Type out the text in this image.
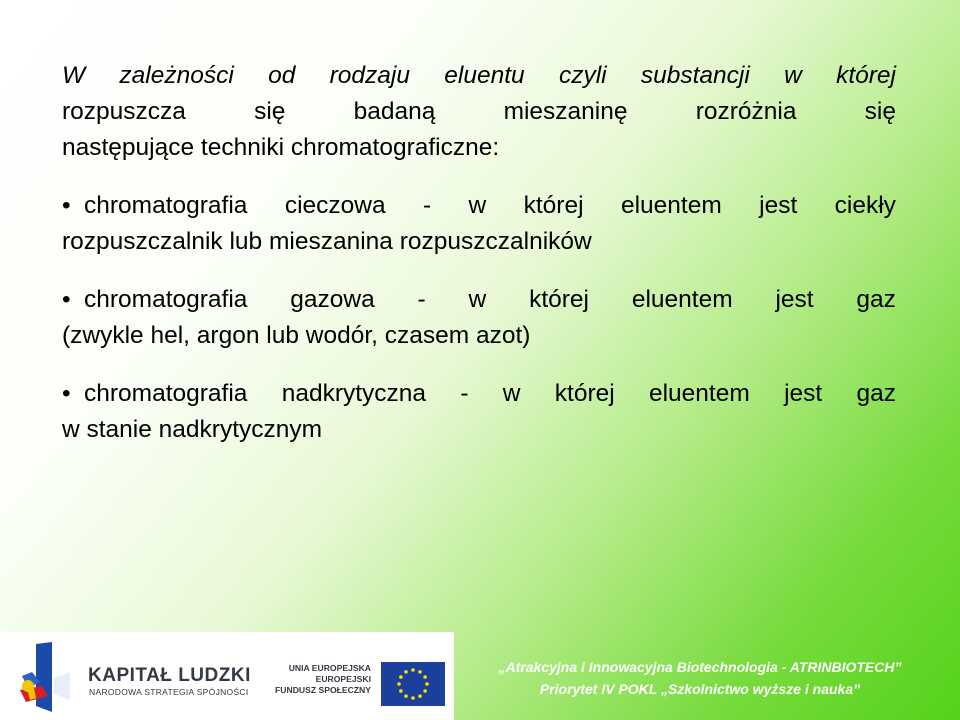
W zależności od rodzaju eluentu czyli substancji w której
rozpuszcza	się	badaną	mieszaninę	rozróżnia	się
następujące techniki chromatograficzne:
• chromatografia cieczowa - w której eluentem jest ciekły
rozpuszczalnik lub mieszanina rozpuszczalników
• chromatografia gazowa - w której eluentem jest gaz
(zwykle hel, argon lub wodór, czasem azot)
• chromatografia nadkrytyczna - w której eluentem jest gaz
w stanie nadkrytycznym
KAPITAŁ LUDZKI
NARODOWA STRATEGIA SPÓJNOŚCI
UNIA EUROPEJSKA
EUROPEJSKI
FUNDUSZ SPOŁECZNY
„Atrakcyjna i Innowacyjna Biotechnologia - ATRINBIOTECH”
Priorytet IV POKL „Szkolnictwo wyższe i nauka”
